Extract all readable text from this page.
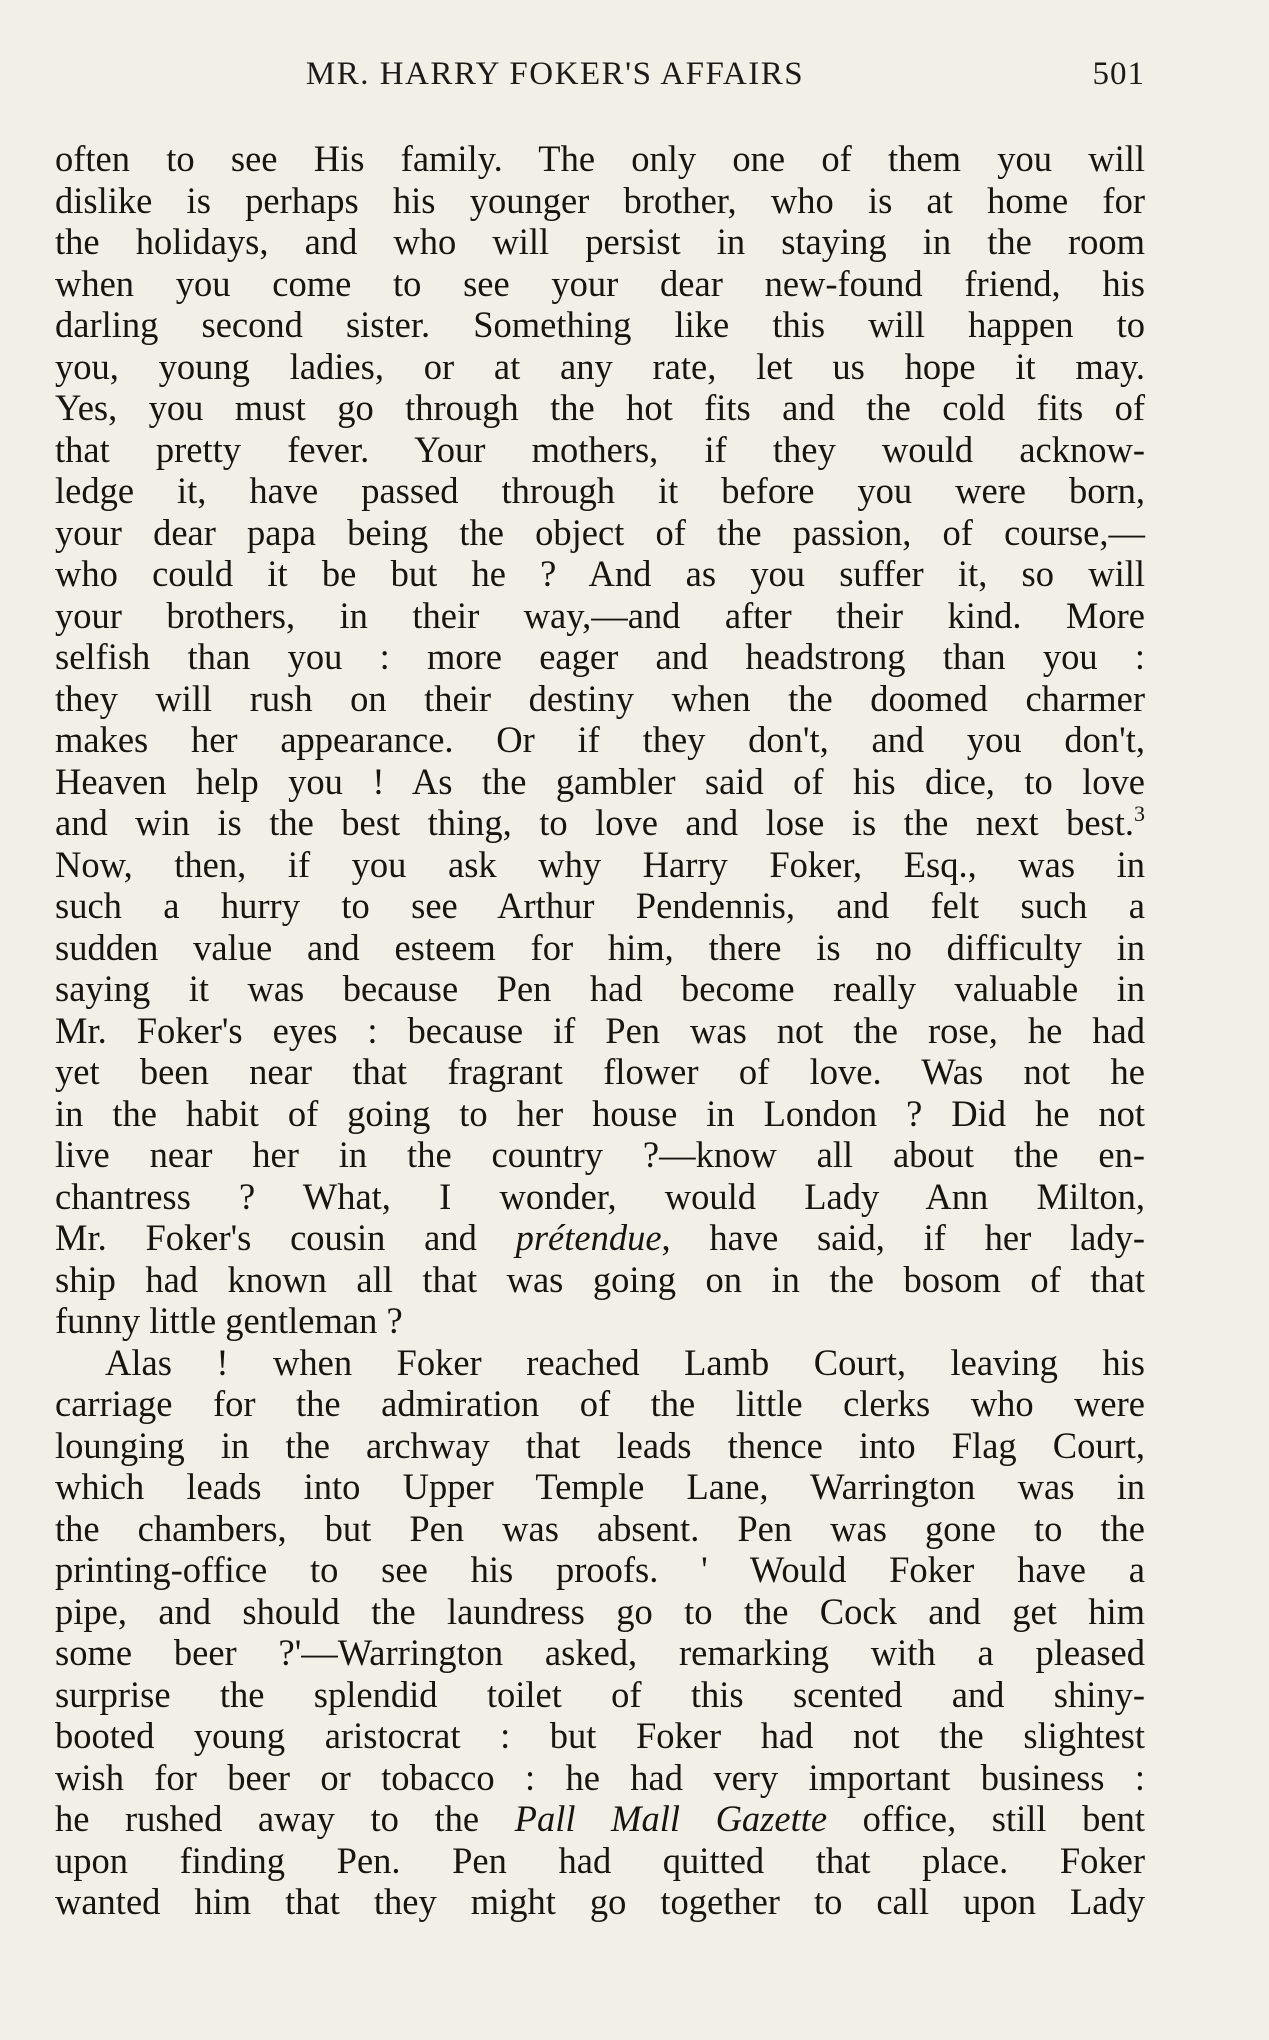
MR. HARRY FOKER'S AFFAIRS	501
often to see His family. The only one of them you will
dislike is perhaps his younger brother, who is at home for
the holidays, and who will persist in staying in the room
when you come to see your dear new-found friend, his
darling second sister. Something like this will happen to
you, young ladies, or at any rate, let us hope it may.
Yes, you must go through the hot fits and the cold fits of
that pretty fever. Your mothers, if they would acknow-
ledge it, have passed through it before you were born,
your dear papa being the object of the passion, of course,—
who could it be but he ? And as you suffer it, so will
your brothers, in their way,—and after their kind. More
selfish than you : more eager and headstrong than you :
they will rush on their destiny when the doomed charmer
makes her appearance. Or if they don't, and you don't,
Heaven help you ! As the gambler said of his dice, to love
and win is the best thing, to love and lose is the next best.$^3$
Now, then, if you ask why Harry Foker, Esq., was in
such a hurry to see Arthur Pendennis, and felt such a
sudden value and esteem for him, there is no difficulty in
saying it was because Pen had become really valuable in
Mr. Foker's eyes : because if Pen was not the rose, he had
yet been near that fragrant flower of love. Was not he
in the habit of going to her house in London ? Did he not
live near her in the country ?—know all about the en-
chantress ? What, I wonder, would Lady Ann Milton,
Mr. Foker's cousin and prétendue, have said, if her lady-
ship had known all that was going on in the bosom of that
funny little gentleman ?
Alas ! when Foker reached Lamb Court, leaving his
carriage for the admiration of the little clerks who were
lounging in the archway that leads thence into Flag Court,
which leads into Upper Temple Lane, Warrington was in
the chambers, but Pen was absent. Pen was gone to the
printing-office to see his proofs. ' Would Foker have a
pipe, and should the laundress go to the Cock and get him
some beer ?'—Warrington asked, remarking with a pleased
surprise the splendid toilet of this scented and shiny-
booted young aristocrat : but Foker had not the slightest
wish for beer or tobacco : he had very important business :
he rushed away to the Pall Mall Gazette office, still bent
upon finding Pen. Pen had quitted that place. Foker
wanted him that they might go together to call upon Lady
